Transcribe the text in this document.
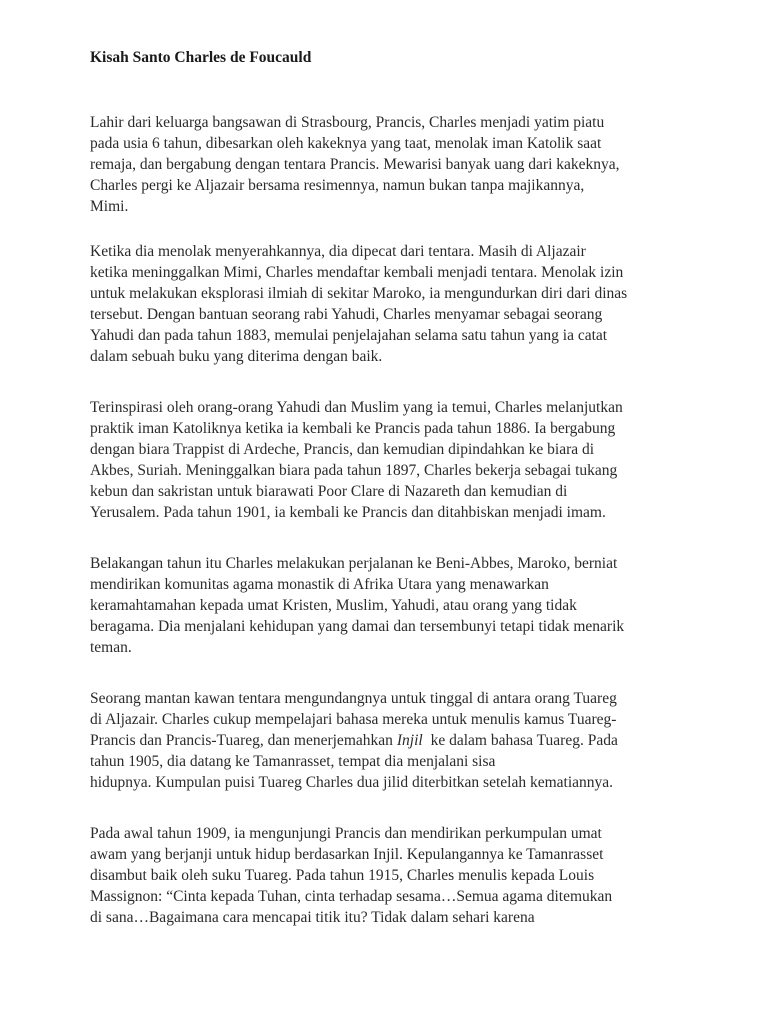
Kisah Santo Charles de Foucauld

Lahir dari keluarga bangsawan di Strasbourg, Prancis, Charles menjadi yatim piatu
pada usia 6 tahun, dibesarkan oleh kakeknya yang taat, menolak iman Katolik saat
remaja, dan bergabung dengan tentara Prancis. Mewarisi banyak uang dari kakeknya,
Charles pergi ke Aljazair bersama resimennya, namun bukan tanpa majikannya,
Mimi.

Ketika dia menolak menyerahkannya, dia dipecat dari tentara. Masih di Aljazair
ketika meninggalkan Mimi, Charles mendaftar kembali menjadi tentara. Menolak izin
untuk melakukan eksplorasi ilmiah di sekitar Maroko, ia mengundurkan diri dari dinas
tersebut. Dengan bantuan seorang rabi Yahudi, Charles menyamar sebagai seorang
Yahudi dan pada tahun 1883, memulai penjelajahan selama satu tahun yang ia catat
dalam sebuah buku yang diterima dengan baik.

Terinspirasi oleh orang-orang Yahudi dan Muslim yang ia temui, Charles melanjutkan
praktik iman Katoliknya ketika ia kembali ke Prancis pada tahun 1886. Ia bergabung
dengan biara Trappist di Ardeche, Prancis, dan kemudian dipindahkan ke biara di
Akbes, Suriah. Meninggalkan biara pada tahun 1897, Charles bekerja sebagai tukang
kebun dan sakristan untuk biarawati Poor Clare di Nazareth dan kemudian di
Yerusalem. Pada tahun 1901, ia kembali ke Prancis dan ditahbiskan menjadi imam.

Belakangan tahun itu Charles melakukan perjalanan ke Beni-Abbes, Maroko, berniat
mendirikan komunitas agama monastik di Afrika Utara yang menawarkan
keramahtamahan kepada umat Kristen, Muslim, Yahudi, atau orang yang tidak
beragama. Dia menjalani kehidupan yang damai dan tersembunyi tetapi tidak menarik
teman.

Seorang mantan kawan tentara mengundangnya untuk tinggal di antara orang Tuareg
di Aljazair. Charles cukup mempelajari bahasa mereka untuk menulis kamus Tuareg-
Prancis dan Prancis-Tuareg, dan menerjemahkan Injil ke dalam bahasa Tuareg. Pada
tahun 1905, dia datang ke Tamanrasset, tempat dia menjalani sisa
hidupnya. Kumpulan puisi Tuareg Charles dua jilid diterbitkan setelah kematiannya.

Pada awal tahun 1909, ia mengunjungi Prancis dan mendirikan perkumpulan umat
awam yang berjanji untuk hidup berdasarkan Injil. Kepulangannya ke Tamanrasset
disambut baik oleh suku Tuareg. Pada tahun 1915, Charles menulis kepada Louis
Massignon: “Cinta kepada Tuhan, cinta terhadap sesama…Semua agama ditemukan
di sana…Bagaimana cara mencapai titik itu? Tidak dalam sehari karena
